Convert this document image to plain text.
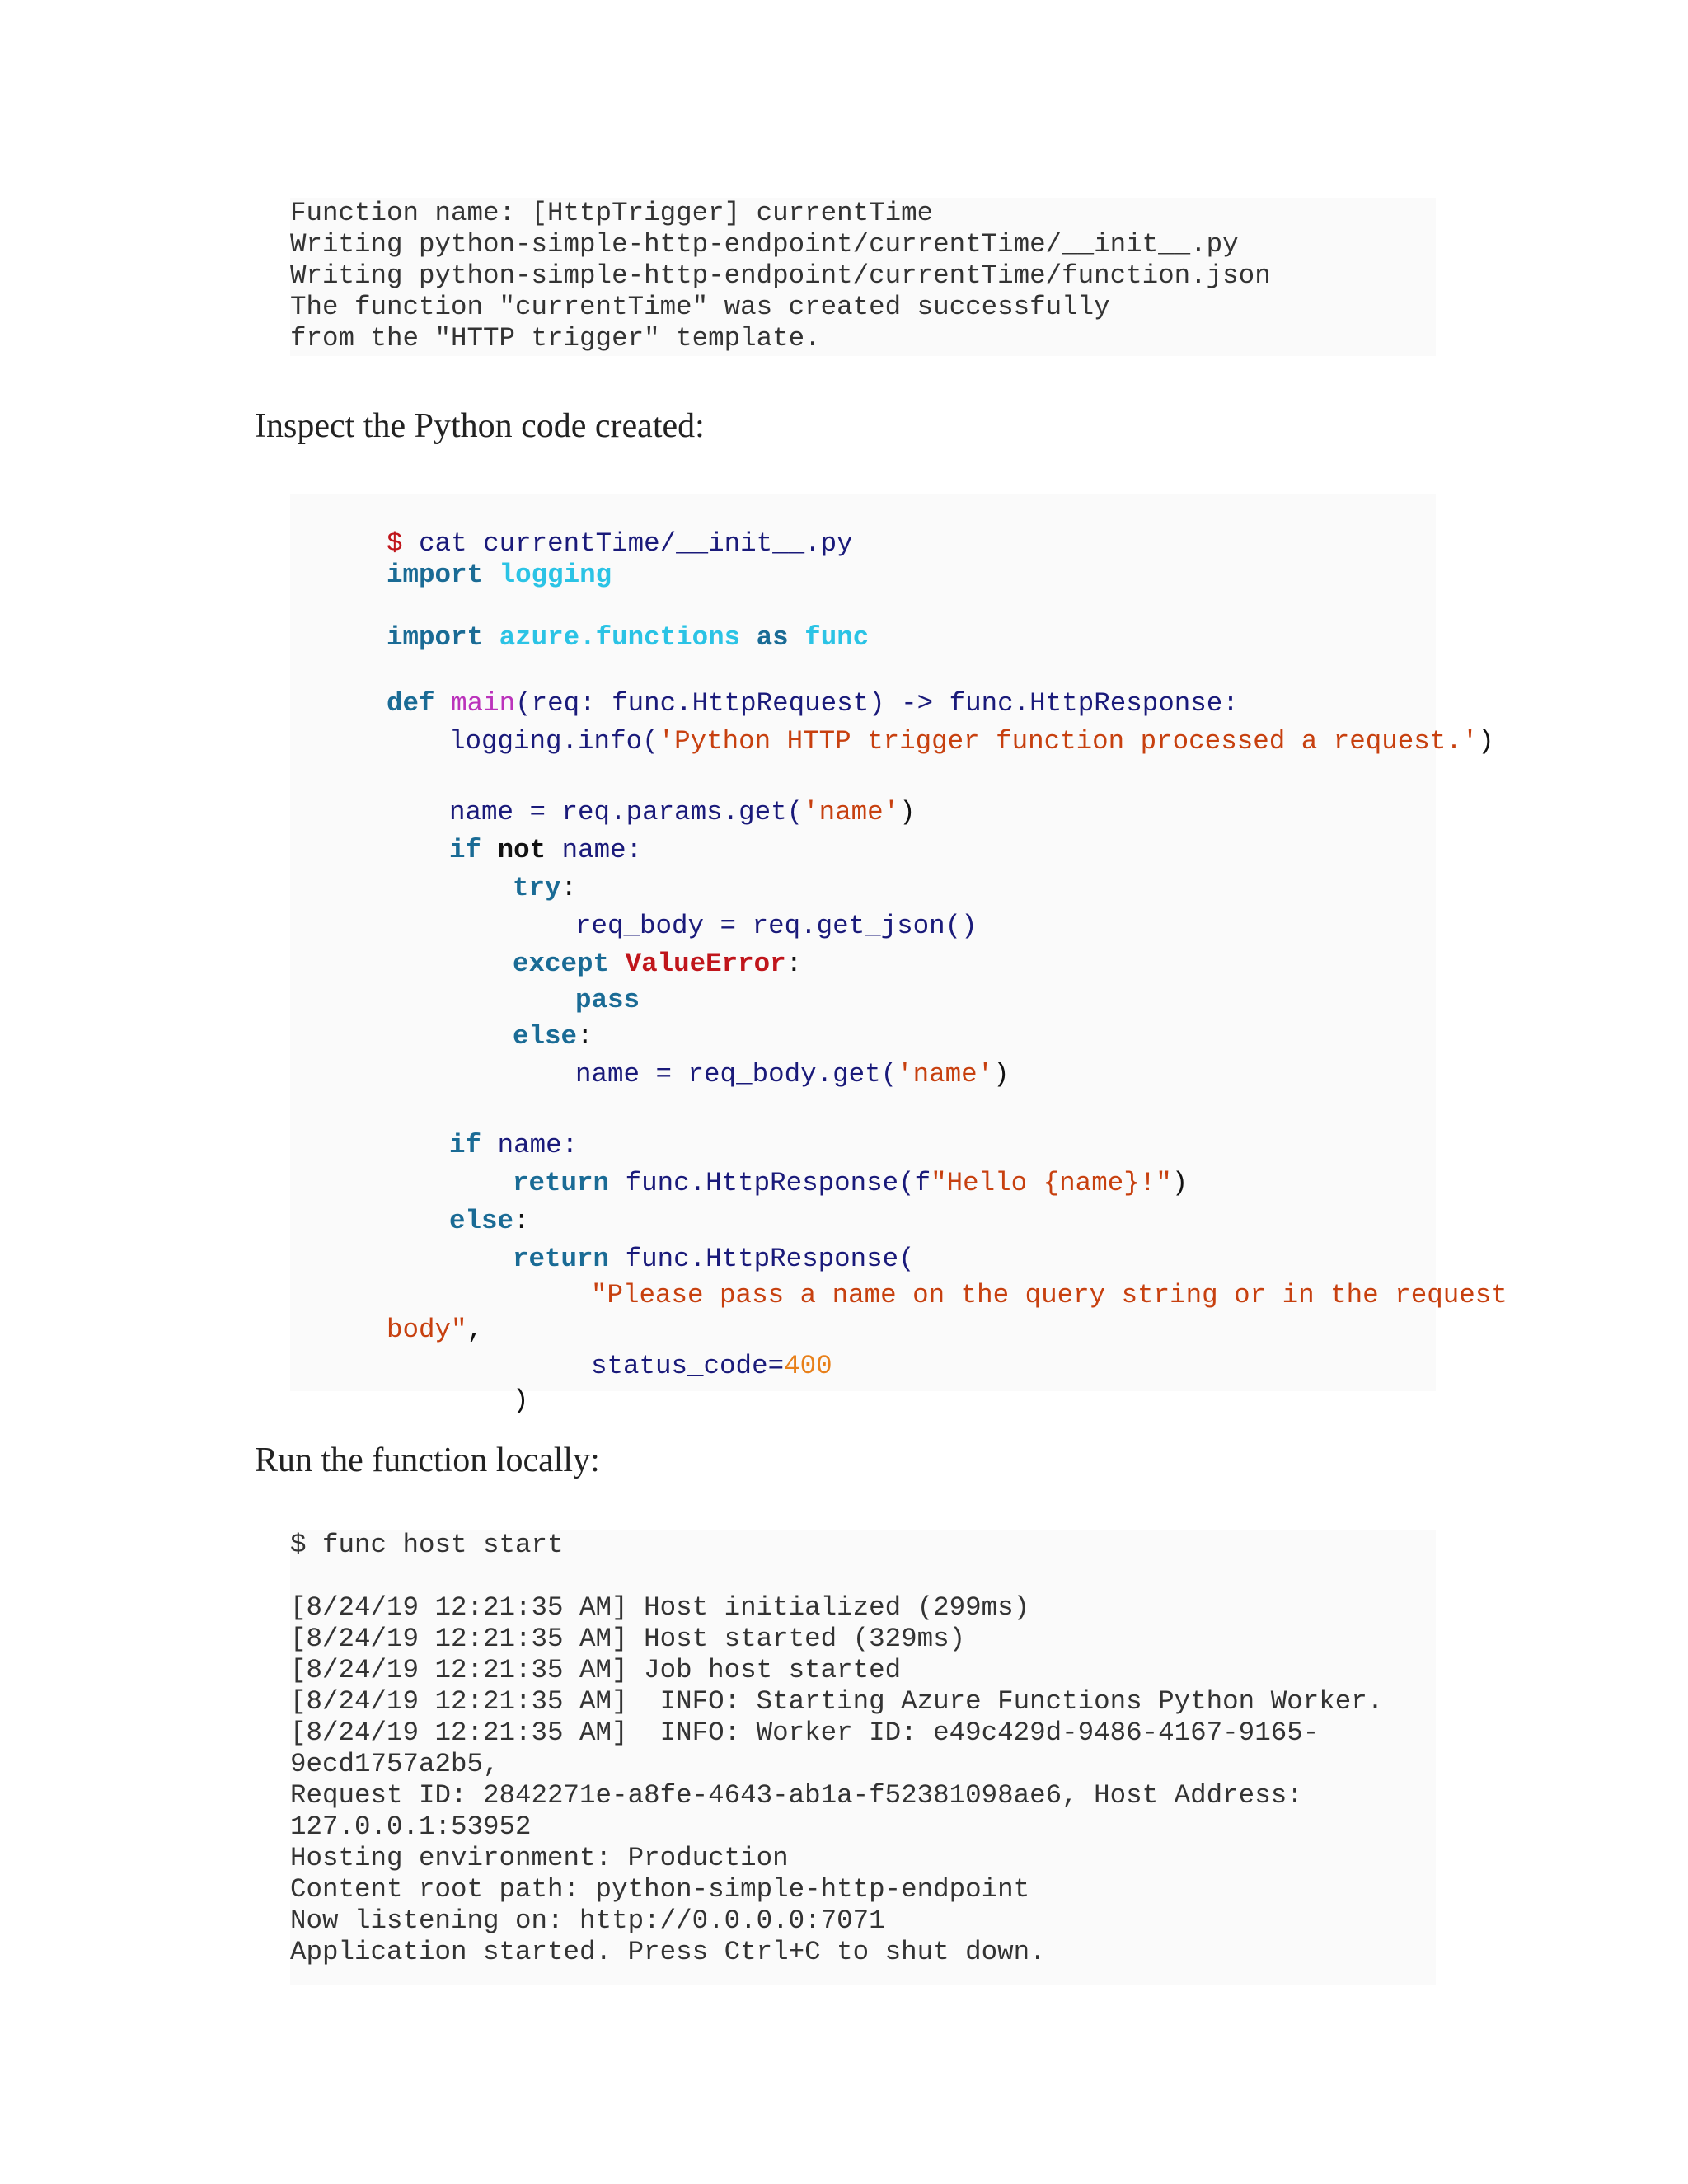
Function name: [HttpTrigger] currentTime
Writing python-simple-http-endpoint/currentTime/__init__.py
Writing python-simple-http-endpoint/currentTime/function.json
The function "currentTime" was created successfully
from the "HTTP trigger" template.
Inspect the Python code created:

$ cat currentTime/__init__.py

import logging

import azure.functions as func

def main(req: func.HttpRequest) -> func.HttpResponse:

logging.info('Python HTTP trigger function processed a request.')

name = req.params.get('name')

if not name:

try:

req_body = req.get_json()

except ValueError:

pass

else:

name = req_body.get('name')

if name:

return func.HttpResponse(f"Hello {name}!")

else:

return func.HttpResponse(

"Please pass a name on the query string or in the request

body",

status_code=400

)

Run the function locally:
$ func host start
[8/24/19 12:21:35 AM] Host initialized (299ms)
[8/24/19 12:21:35 AM] Host started (329ms)
[8/24/19 12:21:35 AM] Job host started
[8/24/19 12:21:35 AM]  INFO: Starting Azure Functions Python Worker.
[8/24/19 12:21:35 AM]  INFO: Worker ID: e49c429d-9486-4167-9165-
9ecd1757a2b5,
Request ID: 2842271e-a8fe-4643-ab1a-f52381098ae6, Host Address:
127.0.0.1:53952
Hosting environment: Production
Content root path: python-simple-http-endpoint
Now listening on: http://0.0.0.0:7071
Application started. Press Ctrl+C to shut down.
